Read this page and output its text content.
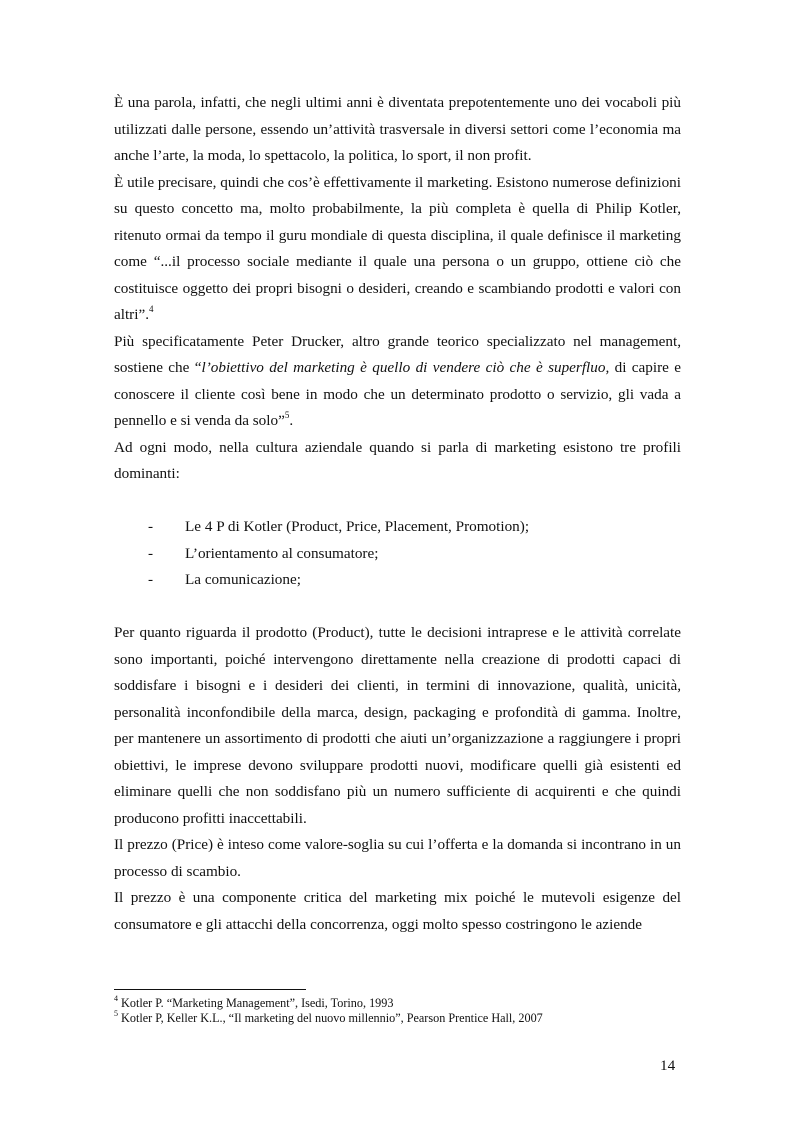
È una parola, infatti, che negli ultimi anni è diventata prepotentemente uno dei vocaboli più utilizzati dalle persone, essendo un’attività trasversale in diversi settori come l’economia ma anche l’arte, la moda, lo spettacolo, la politica, lo sport, il non profit.

È utile precisare, quindi che cos’è effettivamente il marketing. Esistono numerose definizioni su questo concetto ma, molto probabilmente, la più completa è quella di Philip Kotler, ritenuto ormai da tempo il guru mondiale di questa disciplina, il quale definisce il marketing come “...il processo sociale mediante il quale una persona o un gruppo, ottiene ciò che costituisce oggetto dei propri bisogni o desideri, creando e scambiando prodotti e valori con altri”.$^4$

Più specificatamente Peter Drucker, altro grande teorico specializzato nel management, sostiene che “l’obiettivo del marketing è quello di vendere ciò che è superfluo, di capire e conoscere il cliente così bene in modo che un determinato prodotto o servizio, gli vada a pennello e si venda da solo”$^5$.

Ad ogni modo, nella cultura aziendale quando si parla di marketing esistono tre profili dominanti:

- Le 4 P di Kotler (Product, Price, Placement, Promotion);
- L’orientamento al consumatore;
- La comunicazione;

Per quanto riguarda il prodotto (Product), tutte le decisioni intraprese e le attività correlate sono importanti, poiché intervengono direttamente nella creazione di prodotti capaci di soddisfare i bisogni e i desideri dei clienti, in termini di innovazione, qualità, unicità, personalità inconfondibile della marca, design, packaging e profondità di gamma. Inoltre, per mantenere un assortimento di prodotti che aiuti un’organizzazione a raggiungere i propri obiettivi, le imprese devono sviluppare prodotti nuovi, modificare quelli già esistenti ed eliminare quelli che non soddisfano più un numero sufficiente di acquirenti e che quindi producono profitti inaccettabili.

Il prezzo (Price) è inteso come valore-soglia su cui l’offerta e la domanda si incontrano in un processo di scambio.

Il prezzo è una componente critica del marketing mix poiché le mutevoli esigenze del consumatore e gli attacchi della concorrenza, oggi molto spesso costringono le aziende

$^4$ Kotler P. “Marketing Management”, Isedi, Torino, 1993

$^5$ Kotler P, Keller K.L., “Il marketing del nuovo millennio”, Pearson Prentice Hall, 2007

14
